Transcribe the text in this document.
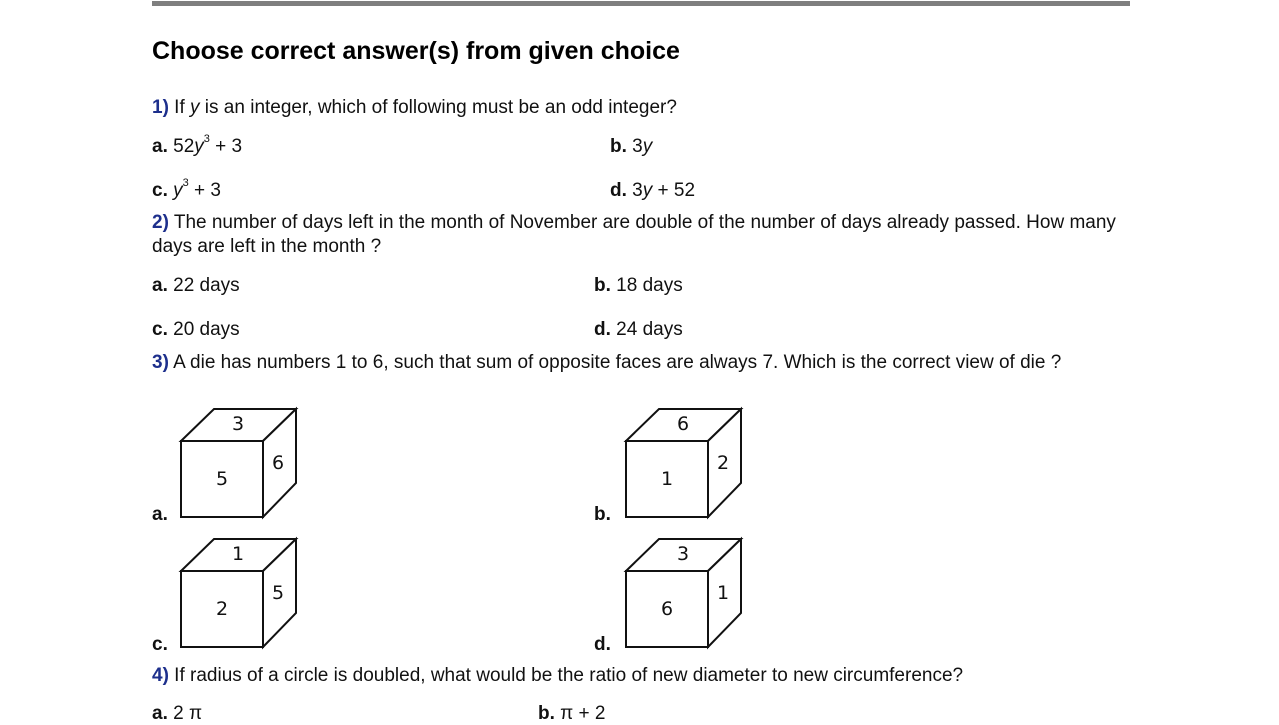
Choose correct answer(s) from given choice
1) If y is an integer, which of following must be an odd integer?
a. $52y^3 + 3$	b. 3y
c. $y^3 + 3$	d. 3y + 52
2) The number of days left in the month of November are double of the number of days already passed. How many days are left in the month ?
a. 22 days	b. 18 days
c. 20 days	d. 24 days
3) A die has numbers 1 to 6, such that sum of opposite faces are always 7. Which is the correct view of die ?
a.	b.
c.	d.
3
5
6
6
1
2
1
2
5
3
6
1
4) If radius of a circle is doubled, what would be the ratio of new diameter to new circumference?
a. 2 π	b. π + 2
